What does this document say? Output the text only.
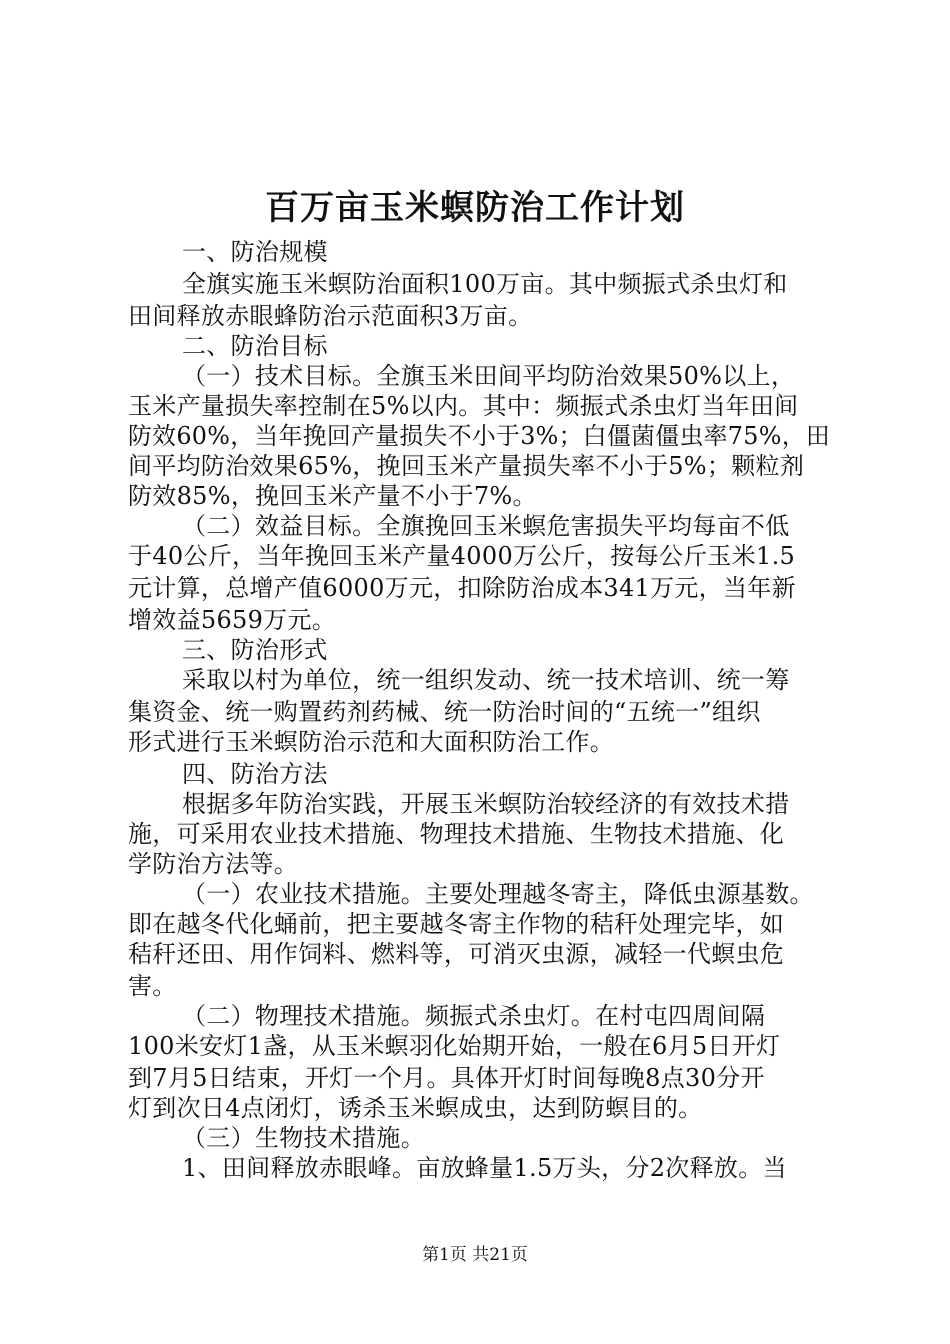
百万亩玉米螟防治工作计划
一、防治规模
全旗实施玉米螟防治面积100万亩。其中频振式杀虫灯和
田间释放赤眼蜂防治示范面积3万亩。
二、防治目标
（一）技术目标。全旗玉米田间平均防治效果50%以上，
玉米产量损失率控制在5%以内。其中：频振式杀虫灯当年田间
防效60%，当年挽回产量损失不小于3%；白僵菌僵虫率75%，田
间平均防治效果65%，挽回玉米产量损失率不小于5%；颗粒剂
防效85%，挽回玉米产量不小于7%。
（二）效益目标。全旗挽回玉米螟危害损失平均每亩不低
于40公斤，当年挽回玉米产量4000万公斤，按每公斤玉米1.5
元计算，总增产值6000万元，扣除防治成本341万元，当年新
增效益5659万元。
三、防治形式
采取以村为单位，统一组织发动、统一技术培训、统一筹
集资金、统一购置药剂药械、统一防治时间的“五统一”组织
形式进行玉米螟防治示范和大面积防治工作。
四、防治方法
根据多年防治实践，开展玉米螟防治较经济的有效技术措
施，可采用农业技术措施、物理技术措施、生物技术措施、化
学防治方法等。
（一）农业技术措施。主要处理越冬寄主，降低虫源基数。
即在越冬代化蛹前，把主要越冬寄主作物的秸秆处理完毕，如
秸秆还田、用作饲料、燃料等，可消灭虫源，减轻一代螟虫危
害。
（二）物理技术措施。频振式杀虫灯。在村屯四周间隔
100米安灯1盏，从玉米螟羽化始期开始，一般在6月5日开灯
到7月5日结束，开灯一个月。具体开灯时间每晚8点30分开
灯到次日4点闭灯，诱杀玉米螟成虫，达到防螟目的。
（三）生物技术措施。
1、田间释放赤眼峰。亩放蜂量1.5万头，分2次释放。当
第1页 共21页
